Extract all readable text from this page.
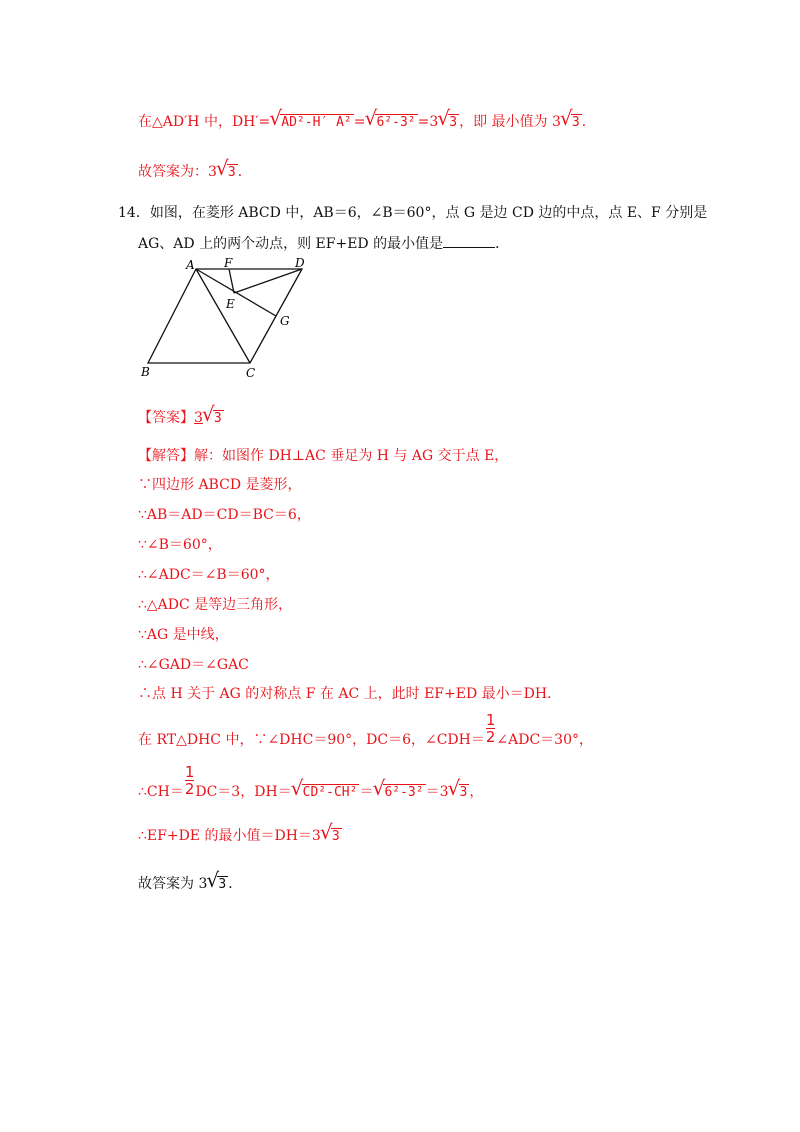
在△AD′H 中，DH′= √ AD²-H′ A² = √ 6²-3² =3 √ 3 ，即 最小值为 3 √ 3 ．
故答案为：3 √ 3 ．
14．如图，在菱形 ABCD 中，AB＝6，∠B＝60°，点 G 是边 CD 边的中点，点 E、F 分别是
AG、AD 上的两个动点，则 EF+ED 的最小值是	．
A F	D
E
G
B	C
【答案】3 √ 3
【解答】解：如图作 DH⊥AC 垂足为 H 与 AG 交于点 E，
∵四边形 ABCD 是菱形，
∵AB＝AD＝CD＝BC＝6，
∵∠B＝60°，
∴∠ADC＝∠B＝60°，
∴△ADC 是等边三角形，
∵AG 是中线，
∴∠GAD＝∠GAC
∴点 H 关于 AG 的对称点 F 在 AC 上，此时 EF+ED 最小＝DH．
在 RT△DHC 中，∵∠DHC＝90°，DC＝6，∠CDH＝ $\frac{1}{2}$ ∠ADC＝30°，
∴CH＝ $\frac{1}{2} DC=3$，DH＝ √ CD²-CH² ＝ √ 6²-3² ＝3 √ 3 ，
∴EF+DE 的最小值＝DH＝3 √ 3
故答案为 3 √ 3 ．
